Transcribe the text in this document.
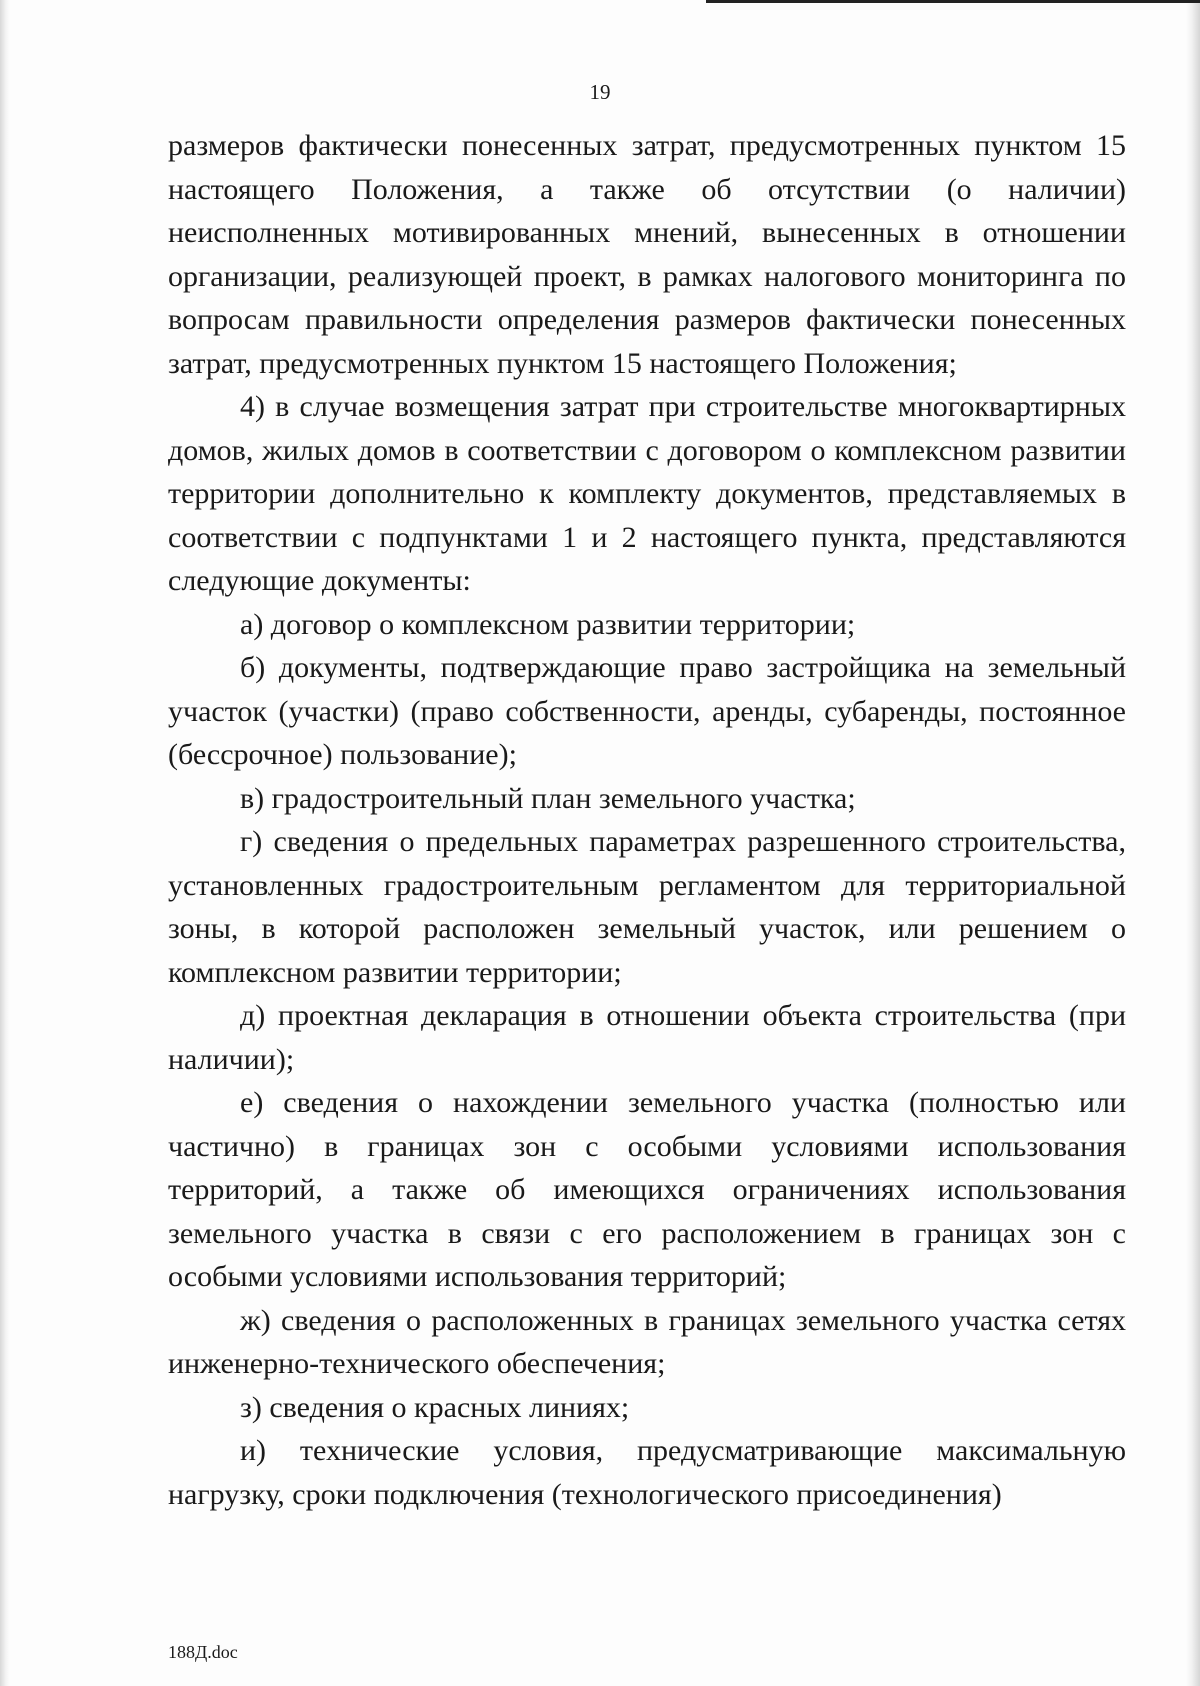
19

размеров фактически понесенных затрат, предусмотренных пунктом 15 настоящего Положения, а также об отсутствии (о наличии) неисполненных мотивированных мнений, вынесенных в отношении организации, реализующей проект, в рамках налогового мониторинга по вопросам правильности определения размеров фактически понесенных затрат, предусмотренных пунктом 15 настоящего Положения;

4) в случае возмещения затрат при строительстве многоквартирных домов, жилых домов в соответствии с договором о комплексном развитии территории дополнительно к комплекту документов, представляемых в соответствии с подпунктами 1 и 2 настоящего пункта, представляются следующие документы:

а) договор о комплексном развитии территории;

б) документы, подтверждающие право застройщика на земельный участок (участки) (право собственности, аренды, субаренды, постоянное (бессрочное) пользование);

в) градостроительный план земельного участка;

г) сведения о предельных параметрах разрешенного строительства, установленных градостроительным регламентом для территориальной зоны, в которой расположен земельный участок, или решением о комплексном развитии территории;

д) проектная декларация в отношении объекта строительства (при наличии);

е) сведения о нахождении земельного участка (полностью или частично) в границах зон с особыми условиями использования территорий, а также об имеющихся ограничениях использования земельного участка в связи с его расположением в границах зон с особыми условиями использования территорий;

ж) сведения о расположенных в границах земельного участка сетях инженерно-технического обеспечения;

з) сведения о красных линиях;

и) технические условия, предусматривающие максимальную нагрузку, сроки подключения (технологического присоединения)

188Д.doc
